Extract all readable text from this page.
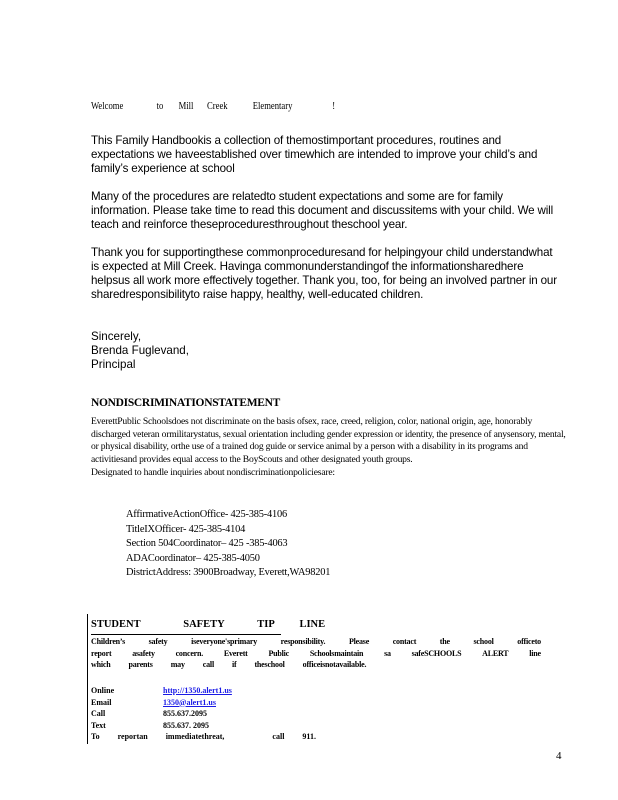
Welcome	to Mill Creek Elementary	!
This Family Handbookis a collection of themostimportant procedures, routines and expectations we haveestablished over timewhich are intended to improve your child’s and family’s experience at school
Many of the procedures are relatedto student expectations and some are for family information. Please take time to read this document and discussitems with your child. We will teach and reinforce theseproceduresthroughout theschool year.
Thank you for supportingthese commonproceduresand for helpingyour child understandwhat is expected at Mill Creek. Havinga commonunderstandingof the informationsharedhere helpsus all work more effectively together. Thank you, too, for being an involved partner in our sharedresponsibilityto raise happy, healthy, well-educated children.
Sincerely,
Brenda Fuglevand,
Principal
NONDISCRIMINATIONSTATEMENT
EverettPublic Schoolsdoes not discriminate on the basis ofsex, race, creed, religion, color, national origin, age, honorably discharged veteran ormilitarystatus, sexual orientation including gender expression or identity, the presence of anysensory, mental, or physical disability, orthe use of a trained dog guide or service animal by a person with a disability in its programs and activitiesand provides equal access to the BoyScouts and other designated youth groups.
Designated to handle inquiries about nondiscriminationpoliciesare:
AffirmativeActionOffice- 425-385-4106
TitleIXOfficer- 425-385-4104
Section 504Coordinator– 425 -385-4063
ADACoordinator– 425-385-4050
DistrictAddress: 3900Broadway, Everett,WA98201
STUDENT	SAFETY	TIP LINE
Children’s	safety	iseveryone'sprimary	responsibility.	Please	contact	the	school	officeto
report	asafety	concern.	Everett	Public	Schoolsmaintain	sa	safeSCHOOLS	ALERT	line
which parents may call if theschool officeisnotavailable.
Online	http://1350.alert1.us
Email	1350@alert1.us
Call	855.637.2095
Text	855.637. 2095
To reportan immediatethreat,	call 911.
4
